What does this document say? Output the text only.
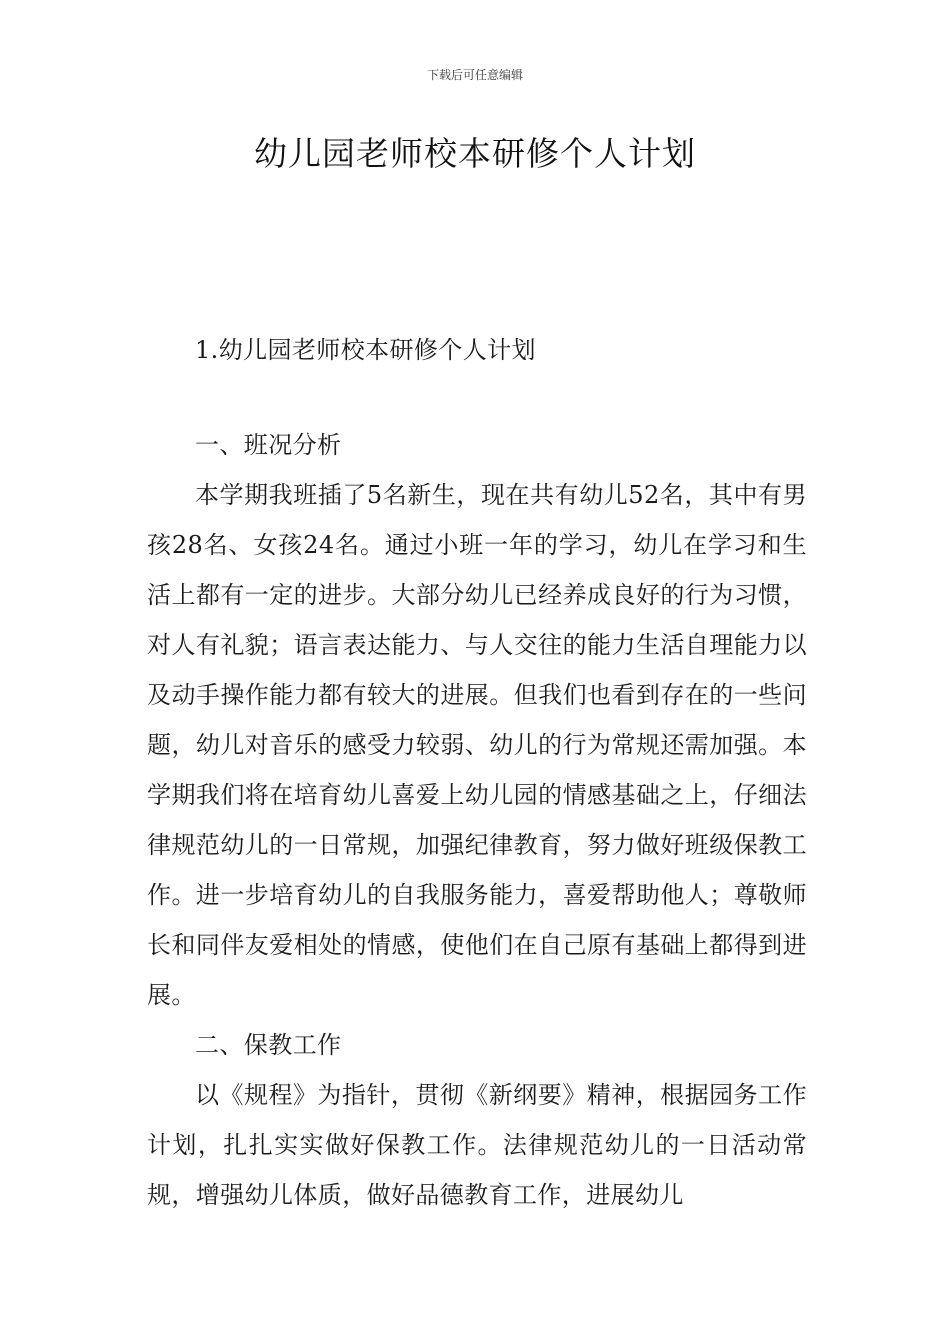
下载后可任意编辑
幼儿园老师校本研修个人计划

1.幼儿园老师校本研修个人计划

一、班况分析

本学期我班插了5名新生，现在共有幼儿52名，其中有男孩28名、女孩24名。通过小班一年的学习，幼儿在学习和生活上都有一定的进步。大部分幼儿已经养成良好的行为习惯，对人有礼貌；语言表达能力、与人交往的能力生活自理能力以及动手操作能力都有较大的进展。但我们也看到存在的一些问题，幼儿对音乐的感受力较弱、幼儿的行为常规还需加强。本学期我们将在培育幼儿喜爱上幼儿园的情感基础之上，仔细法律规范幼儿的一日常规，加强纪律教育，努力做好班级保教工作。进一步培育幼儿的自我服务能力，喜爱帮助他人；尊敬师长和同伴友爱相处的情感，使他们在自己原有基础上都得到进展。

二、保教工作

以《规程》为指针，贯彻《新纲要》精神，根据园务工作计划，扎扎实实做好保教工作。法律规范幼儿的一日活动常规，增强幼儿体质，做好品德教育工作，进展幼儿
